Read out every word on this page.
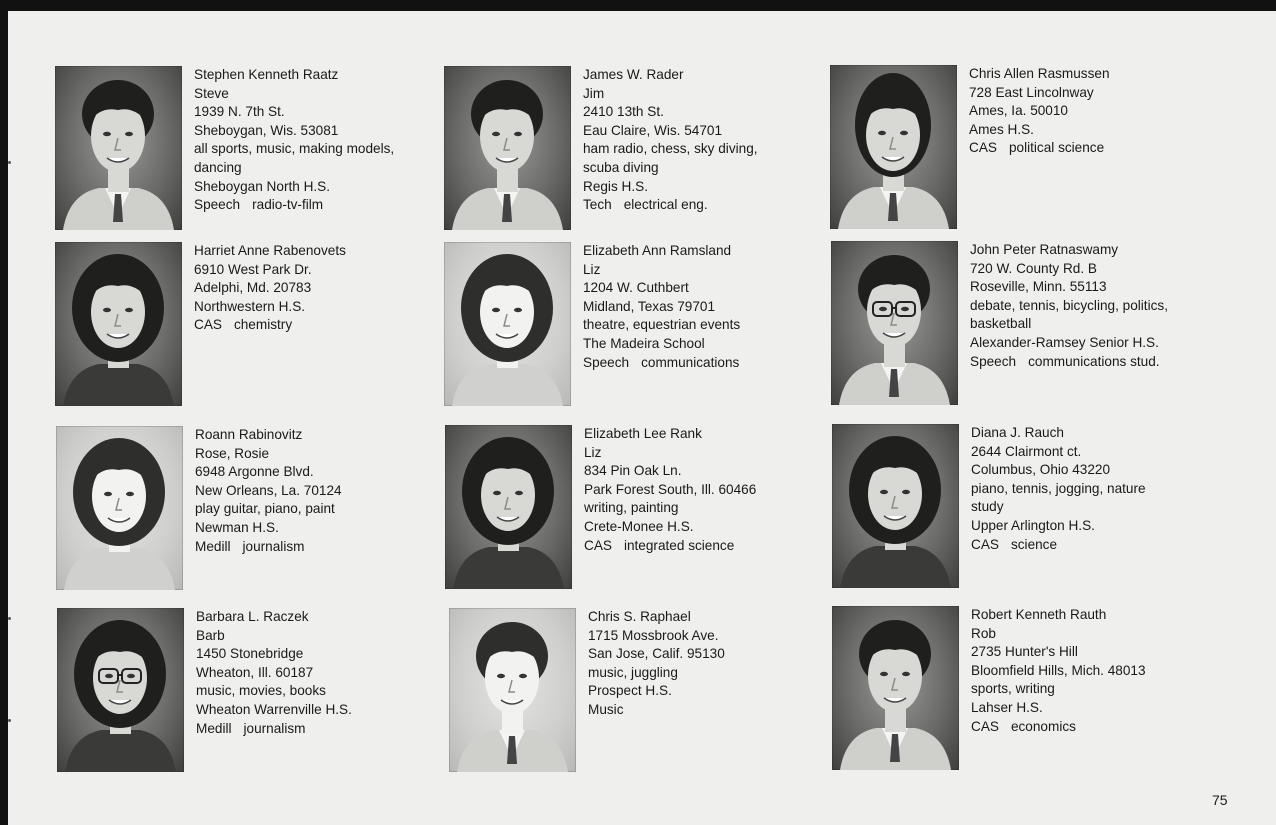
Stephen Kenneth Raatz
Steve
1939 N. 7th St.
Sheboygan, Wis. 53081
all sports, music, making models,
dancing
Sheboygan North H.S.
Speech radio-tv-film
James W. Rader
Jim
2410 13th St.
Eau Claire, Wis. 54701
ham radio, chess, sky diving,
scuba diving
Regis H.S.
Tech electrical eng.
Chris Allen Rasmussen
728 East Lincolnway
Ames, Ia. 50010
Ames H.S.
CAS political science
Harriet Anne Rabenovets
6910 West Park Dr.
Adelphi, Md. 20783
Northwestern H.S.
CAS chemistry
Elizabeth Ann Ramsland
Liz
1204 W. Cuthbert
Midland, Texas 79701
theatre, equestrian events
The Madeira School
Speech communications
John Peter Ratnaswamy
720 W. County Rd. B
Roseville, Minn. 55113
debate, tennis, bicycling, politics,
basketball
Alexander-Ramsey Senior H.S.
Speech communications stud.
Roann Rabinovitz
Rose, Rosie
6948 Argonne Blvd.
New Orleans, La. 70124
play guitar, piano, paint
Newman H.S.
Medill journalism
Elizabeth Lee Rank
Liz
834 Pin Oak Ln.
Park Forest South, Ill. 60466
writing, painting
Crete-Monee H.S.
CAS integrated science
Diana J. Rauch
2644 Clairmont ct.
Columbus, Ohio 43220
piano, tennis, jogging, nature
study
Upper Arlington H.S.
CAS science
Barbara L. Raczek
Barb
1450 Stonebridge
Wheaton, Ill. 60187
music, movies, books
Wheaton Warrenville H.S.
Medill journalism
Chris S. Raphael
1715 Mossbrook Ave.
San Jose, Calif. 95130
music, juggling
Prospect H.S.
Music
Robert Kenneth Rauth
Rob
2735 Hunter's Hill
Bloomfield Hills, Mich. 48013
sports, writing
Lahser H.S.
CAS economics
75
